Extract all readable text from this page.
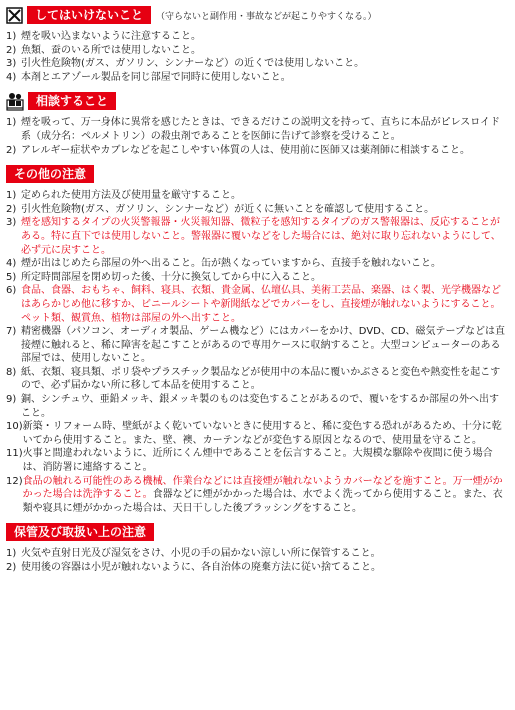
してはいけないこと	（守らないと副作用・事故などが起こりやすくなる。）
1) 煙を吸い込まないように注意すること。
2) 魚類、蚕のいる所では使用しないこと。
3) 引火性危険物(ガス、ガソリン、シンナーなど）の近くでは使用しないこと。
4) 本剤とエアゾール製品を同じ部屋で同時に使用しないこと。
相談すること
1) 煙を吸って、万一身体に異常を感じたときは、できるだけこの説明文を持って、直ちに本品がピレスロイド系（成分名：ペルメトリン）の殺虫剤であることを医師に告げて診察を受けること。
2) アレルギー症状やカブレなどを起こしやすい体質の人は、使用前に医師又は薬剤師に相談すること。
その他の注意
1) 定められた使用方法及び使用量を厳守すること。
2) 引火性危険物(ガス、ガソリン、シンナーなど）が近くに無いことを確認して使用すること。
3) 煙を感知するタイプの火災警報器・火災報知器、微粒子を感知するタイプのガス警報器は、反応することがある。特に直下では使用しないこと。警報器に覆いなどをした場合には、絶対に取り忘れないようにして、必ず元に戻すこと。
4) 煙が出はじめたら部屋の外へ出ること。缶が熱くなっていますから、直接手を触れないこと。
5) 所定時間部屋を閉め切った後、十分に換気してから中に入ること。
6) 食品、食器、おもちゃ、飼料、寝具、衣類、貴金属、仏壇仏具、美術工芸品、楽器、はく製、光学機器などはあらかじめ他に移すか、ビニールシートや新聞紙などでカバーをし、直接煙が触れないようにすること。ペット類、観賞魚、植物は部屋の外へ出すこと。
7) 精密機器（パソコン、オーディオ製品、ゲーム機など）にはカバーをかけ、DVD、CD、磁気テープなどは直接煙に触れると、稀に障害を起こすことがあるので専用ケースに収納すること。大型コンピューターのある部屋では、使用しないこと。
8) 紙、衣類、寝具類、ポリ袋やプラスチック製品などが使用中の本品に覆いかぶさると変色や熱変性を起こすので、必ず届かない所に移して本品を使用すること。
9) 銅、シンチュウ、亜鉛メッキ、銀メッキ製のものは変色することがあるので、覆いをするか部屋の外へ出すこと。
10) 新築・リフォーム時、壁紙がよく乾いていないときに使用すると、稀に変色する恐れがあるため、十分に乾いてから使用すること。また、壁、襖、カーテンなどが変色する原因となるので、使用量を守ること。
11) 火事と間違われないように、近所にくん煙中であることを伝言すること。大規模な駆除や夜間に使う場合は、消防署に連絡すること。
12) 食品の触れる可能性のある機械、作業台などには直接煙が触れないようカバーなどを施すこと。万一煙がかかった場合は洗浄すること。食器などに煙がかかった場合は、水でよく洗ってから使用すること。また、衣類や寝具に煙がかかった場合は、天日干しした後ブラッシングをすること。
保管及び取扱い上の注意
1) 火気や直射日光及び湿気をさけ、小児の手の届かない涼しい所に保管すること。
2) 使用後の容器は小児が触れないように、各自治体の廃棄方法に従い捨てること。
